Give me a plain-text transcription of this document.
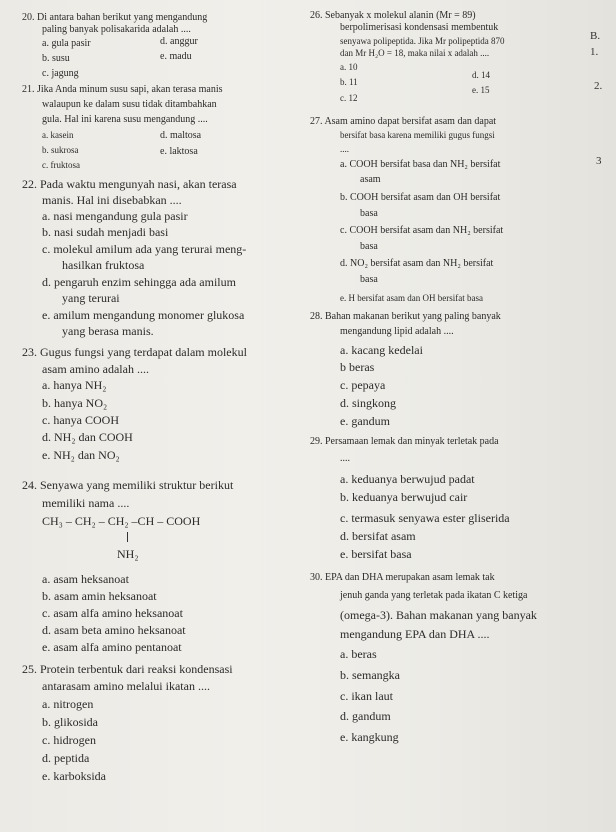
20. Di antara bahan berikut yang mengandung
paling banyak polisakarida adalah ....
a. gula pasir
b. susu
c. jagung
d. anggur
e. madu
21. Jika Anda minum susu sapi, akan terasa manis
walaupun ke dalam susu tidak ditambahkan
gula. Hal ini karena susu mengandung ....
a. kasein
b. sukrosa
c. fruktosa
d. maltosa
e. laktosa
22. Pada waktu mengunyah nasi, akan terasa
manis. Hal ini disebabkan ....
a. nasi mengandung gula pasir
b. nasi sudah menjadi basi
c. molekul amilum ada yang terurai meng-
hasilkan fruktosa
d. pengaruh enzim sehingga ada amilum
yang terurai
e. amilum mengandung monomer glukosa
yang berasa manis.
23. Gugus fungsi yang terdapat dalam molekul
asam amino adalah ....
a. hanya NH₂
b. hanya NO₂
c. hanya COOH
d. NH₂ dan COOH
e. NH₂ dan NO₂
24. Senyawa yang memiliki struktur berikut
memiliki nama ....
CH₃ – CH₂ – CH₂ –CH – COOH
NH₂
a. asam heksanoat
b. asam amin heksanoat
c. asam alfa amino heksanoat
d. asam beta amino heksanoat
e. asam alfa amino pentanoat
25. Protein terbentuk dari reaksi kondensasi
antarasam amino melalui ikatan ....
a. nitrogen
b. glikosida
c. hidrogen
d. peptida
e. karboksida
26. Sebanyak x molekul alanin (Mr = 89)
berpolimerisasi kondensasi membentuk
senyawa polipeptida. Jika Mr polipeptida 870
dan Mr H₂O = 18, maka nilai x adalah ....
a. 10
b. 11
c. 12
d. 14
e. 15
27. Asam amino dapat bersifat asam dan dapat
bersifat basa karena memiliki gugus fungsi
....
a. COOH bersifat basa dan NH₂ bersifat
asam
b. COOH bersifat asam dan OH bersifat
basa
c. COOH bersifat asam dan NH₂ bersifat
basa
d. NO₂ bersifat asam dan NH₂ bersifat
basa
e. H bersifat asam dan OH bersifat basa
28. Bahan makanan berikut yang paling banyak
mengandung lipid adalah ....
a. kacang kedelai
b beras
c. pepaya
d. singkong
e. gandum
29. Persamaan lemak dan minyak terletak pada
....
a. keduanya berwujud padat
b. keduanya berwujud cair
c. termasuk senyawa ester gliserida
d. bersifat asam
e. bersifat basa
30. EPA dan DHA merupakan asam lemak tak
jenuh ganda yang terletak pada ikatan C ketiga
(omega-3). Bahan makanan yang banyak
mengandung EPA dan DHA ....
a. beras
b. semangka
c. ikan laut
d. gandum
e. kangkung
B.
1.
2.
3
